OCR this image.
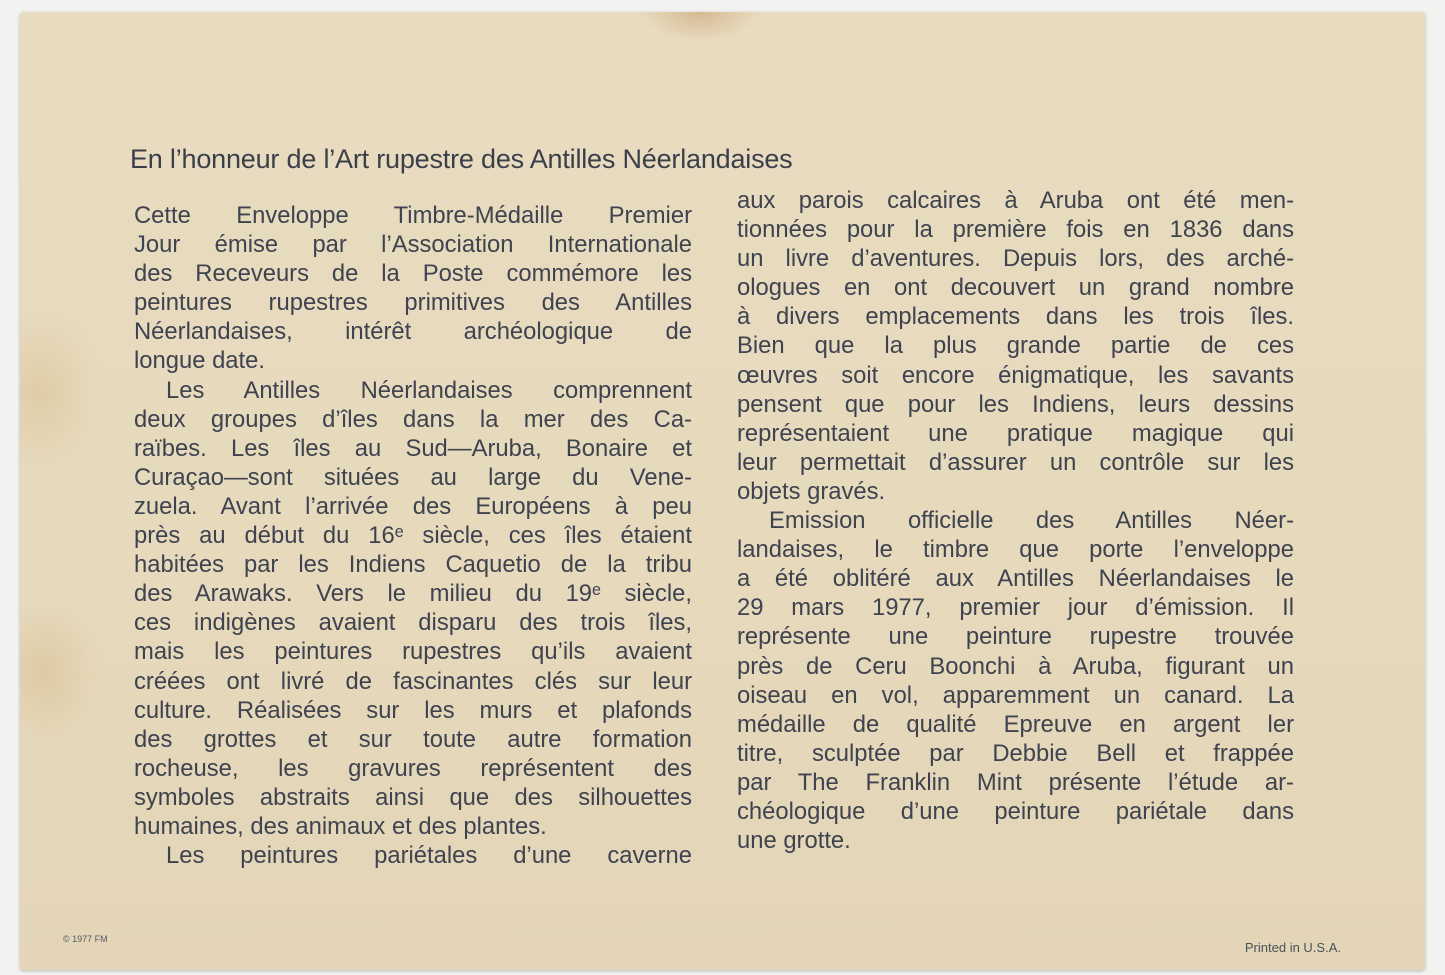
En l’honneur de l’Art rupestre des Antilles Néerlandaises
Cette Enveloppe Timbre-Médaille Premier
Jour émise par l’Association Internationale
des Receveurs de la Poste commémore les
peintures rupestres primitives des Antilles
Néerlandaises, intérêt archéologique de
longue date.
Les Antilles Néerlandaises comprennent
deux groupes d’îles dans la mer des Ca-
raïbes. Les îles au Sud—Aruba, Bonaire et
Curaçao—sont situées au large du Vene-
zuela. Avant l’arrivée des Européens à peu
près au début du 16ᵉ siècle, ces îles étaient
habitées par les Indiens Caquetio de la tribu
des Arawaks. Vers le milieu du 19ᵉ siècle,
ces indigènes avaient disparu des trois îles,
mais les peintures rupestres qu’ils avaient
créées ont livré de fascinantes clés sur leur
culture. Réalisées sur les murs et plafonds
des grottes et sur toute autre formation
rocheuse, les gravures représentent des
symboles abstraits ainsi que des silhouettes
humaines, des animaux et des plantes.
Les peintures pariétales d’une caverne
aux parois calcaires à Aruba ont été men-
tionnées pour la première fois en 1836 dans
un livre d’aventures. Depuis lors, des arché-
ologues en ont decouvert un grand nombre
à divers emplacements dans les trois îles.
Bien que la plus grande partie de ces
œuvres soit encore énigmatique, les savants
pensent que pour les Indiens, leurs dessins
représentaient une pratique magique qui
leur permettait d’assurer un contrôle sur les
objets gravés.
Emission officielle des Antilles Néer-
landaises, le timbre que porte l’enveloppe
a été oblitéré aux Antilles Néerlandaises le
29 mars 1977, premier jour d’émission. Il
représente une peinture rupestre trouvée
près de Ceru Boonchi à Aruba, figurant un
oiseau en vol, apparemment un canard. La
médaille de qualité Epreuve en argent ler
titre, sculptée par Debbie Bell et frappée
par The Franklin Mint présente l’étude ar-
chéologique d’une peinture pariétale dans
une grotte.
© 1977 FM
Printed in U.S.A.
